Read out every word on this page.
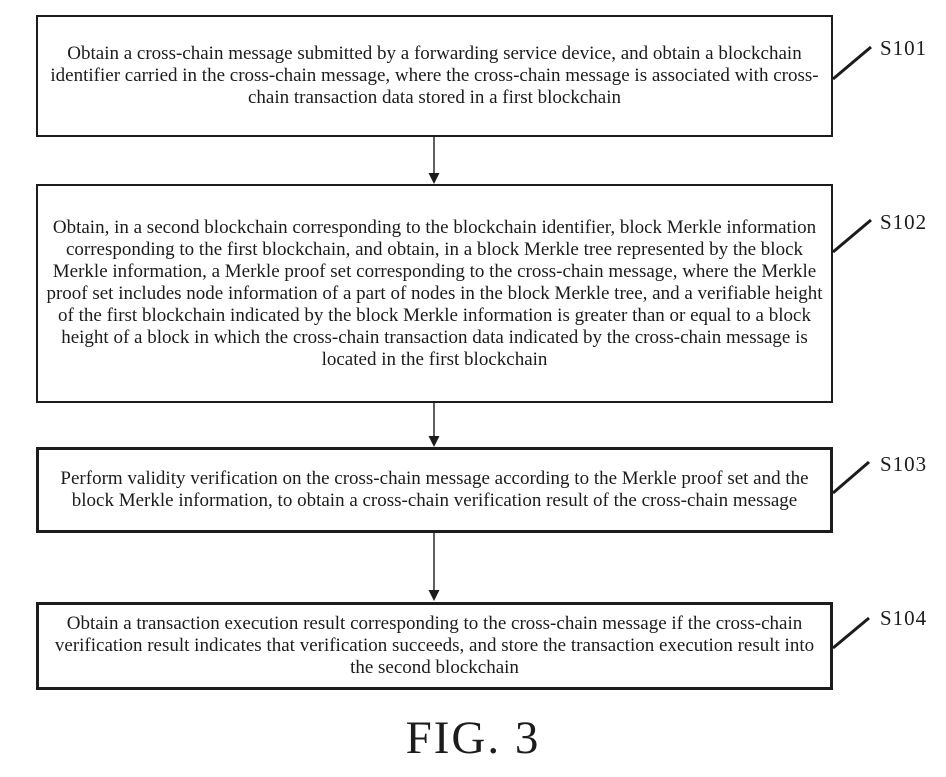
Obtain a cross-chain message submitted by a forwarding service device, and obtain a blockchain identifier carried in the cross-chain message, where the cross-chain message is associated with cross-chain transaction data stored in a first blockchain

Obtain, in a second blockchain corresponding to the blockchain identifier, block Merkle information corresponding to the first blockchain, and obtain, in a block Merkle tree represented by the block Merkle information, a Merkle proof set corresponding to the cross-chain message, where the Merkle proof set includes node information of a part of nodes in the block Merkle tree, and a verifiable height of the first blockchain indicated by the block Merkle information is greater than or equal to a block height of a block in which the cross-chain transaction data indicated by the cross-chain message is located in the first blockchain

Perform validity verification on the cross-chain message according to the Merkle proof set and the block Merkle information, to obtain a cross-chain verification result of the cross-chain message

Obtain a transaction execution result corresponding to the cross-chain message if the cross-chain verification result indicates that verification succeeds, and store the transaction execution result into the second blockchain

S101
S102
S103
S104
FIG. 3
